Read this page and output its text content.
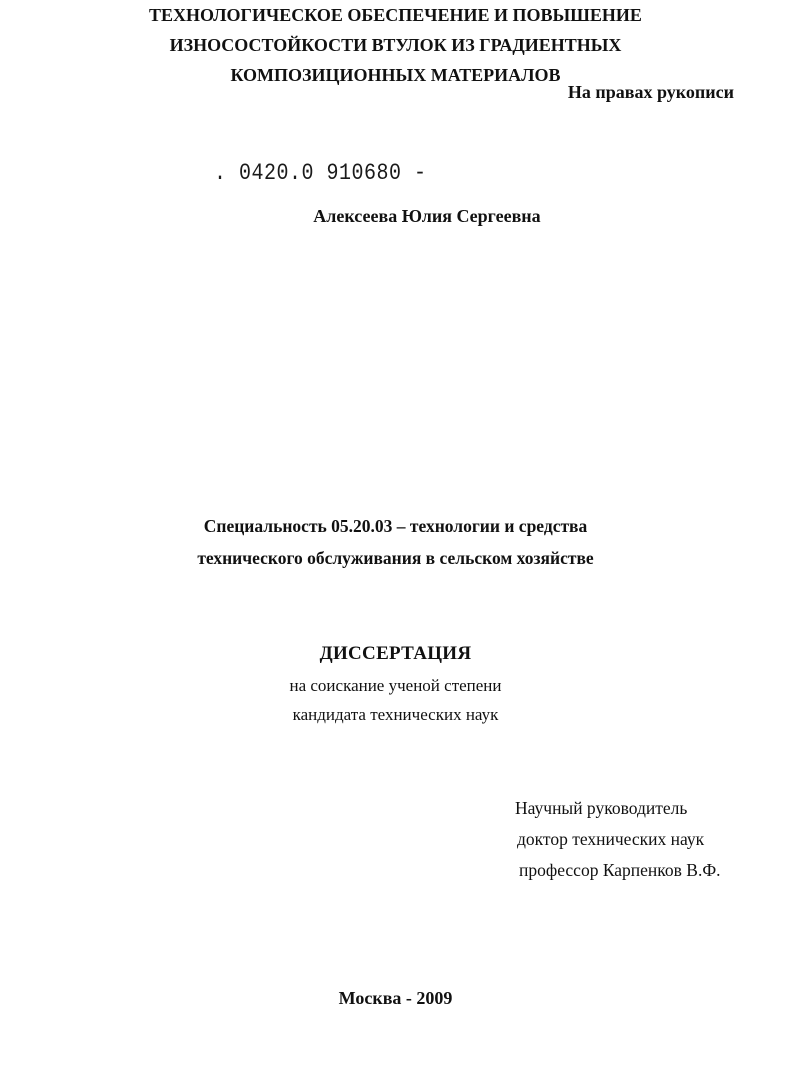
На правах рукописи
. 0420.0 910680 -
Алексеева Юлия Сергеевна
ТЕХНОЛОГИЧЕСКОЕ ОБЕСПЕЧЕНИЕ И ПОВЫШЕНИЕ
ИЗНОСОСТОЙКОСТИ ВТУЛОК ИЗ ГРАДИЕНТНЫХ
КОМПОЗИЦИОННЫХ МАТЕРИАЛОВ
Специальность 05.20.03 – технологии и средства
технического обслуживания в сельском хозяйстве
ДИССЕРТАЦИЯ
на соискание ученой степени
кандидата технических наук
Научный руководитель
доктор технических наук
профессор Карпенков В.Ф.
Москва - 2009
